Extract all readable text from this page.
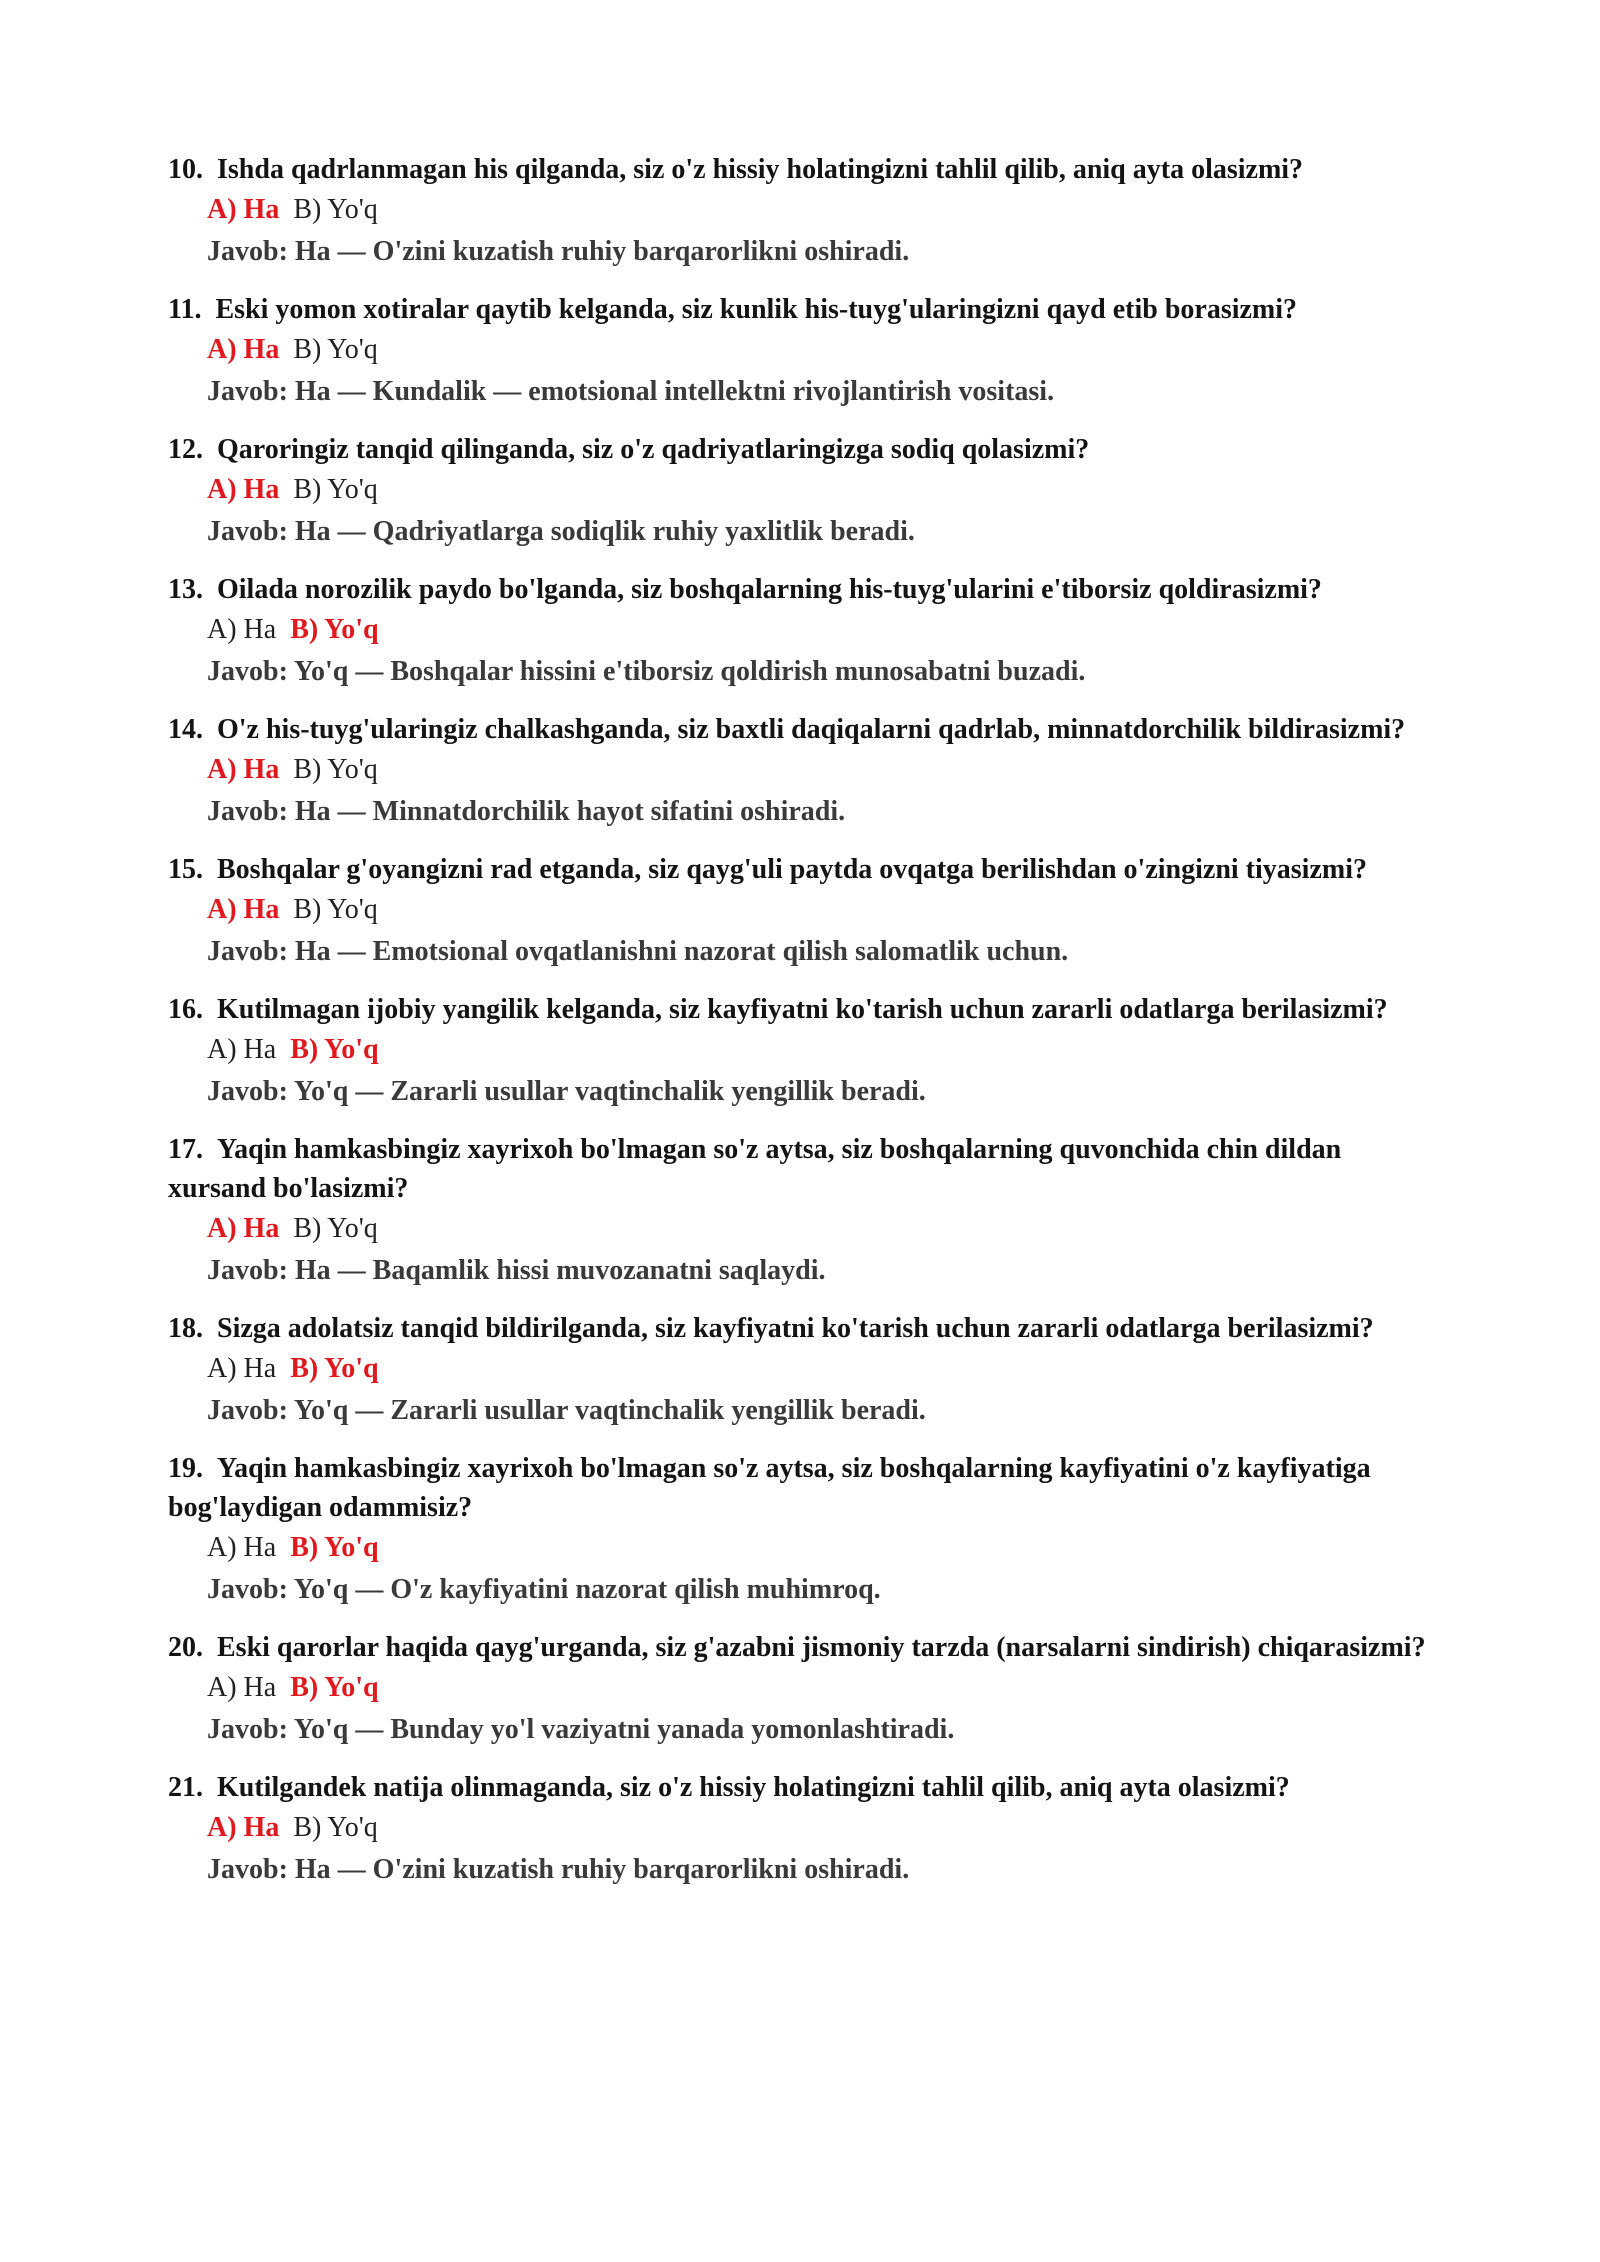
10. Ishda qadrlanmagan his qilganda, siz o'z hissiy holatingizni tahlil qilib, aniq ayta olasizmi?
A) Ha B) Yo'q
Javob: Ha — O'zini kuzatish ruhiy barqarorlikni oshiradi.
11. Eski yomon xotiralar qaytib kelganda, siz kunlik his-tuyg'ularingizni qayd etib borasizmi?
A) Ha B) Yo'q
Javob: Ha — Kundalik — emotsional intellektni rivojlantirish vositasi.
12. Qaroringiz tanqid qilinganda, siz o'z qadriyatlaringizga sodiq qolasizmi?
A) Ha B) Yo'q
Javob: Ha — Qadriyatlarga sodiqlik ruhiy yaxlitlik beradi.
13. Oilada norozilik paydo bo'lganda, siz boshqalarning his-tuyg'ularini e'tiborsiz qoldirasizmi?
A) Ha B) Yo'q
Javob: Yo'q — Boshqalar hissini e'tiborsiz qoldirish munosabatni buzadi.
14. O'z his-tuyg'ularingiz chalkashganda, siz baxtli daqiqalarni qadrlab, minnatdorchilik bildirasizmi?
A) Ha B) Yo'q
Javob: Ha — Minnatdorchilik hayot sifatini oshiradi.
15. Boshqalar g'oyangizni rad etganda, siz qayg'uli paytda ovqatga berilishdan o'zingizni tiyasizmi?
A) Ha B) Yo'q
Javob: Ha — Emotsional ovqatlanishni nazorat qilish salomatlik uchun.
16. Kutilmagan ijobiy yangilik kelganda, siz kayfiyatni ko'tarish uchun zararli odatlarga berilasizmi?
A) Ha B) Yo'q
Javob: Yo'q — Zararli usullar vaqtinchalik yengillik beradi.
17. Yaqin hamkasbingiz xayrixoh bo'lmagan so'z aytsa, siz boshqalarning quvonchida chin dildan xursand bo'lasizmi?
A) Ha B) Yo'q
Javob: Ha — Baqamlik hissi muvozanatni saqlaydi.
18. Sizga adolatsiz tanqid bildirilganda, siz kayfiyatni ko'tarish uchun zararli odatlarga berilasizmi?
A) Ha B) Yo'q
Javob: Yo'q — Zararli usullar vaqtinchalik yengillik beradi.
19. Yaqin hamkasbingiz xayrixoh bo'lmagan so'z aytsa, siz boshqalarning kayfiyatini o'z kayfiyatiga bog'laydigan odammisiz?
A) Ha B) Yo'q
Javob: Yo'q — O'z kayfiyatini nazorat qilish muhimroq.
20. Eski qarorlar haqida qayg'urganda, siz g'azabni jismoniy tarzda (narsalarni sindirish) chiqarasizmi?
A) Ha B) Yo'q
Javob: Yo'q — Bunday yo'l vaziyatni yanada yomonlashtiradi.
21. Kutilgandek natija olinmaganda, siz o'z hissiy holatingizni tahlil qilib, aniq ayta olasizmi?
A) Ha B) Yo'q
Javob: Ha — O'zini kuzatish ruhiy barqarorlikni oshiradi.
